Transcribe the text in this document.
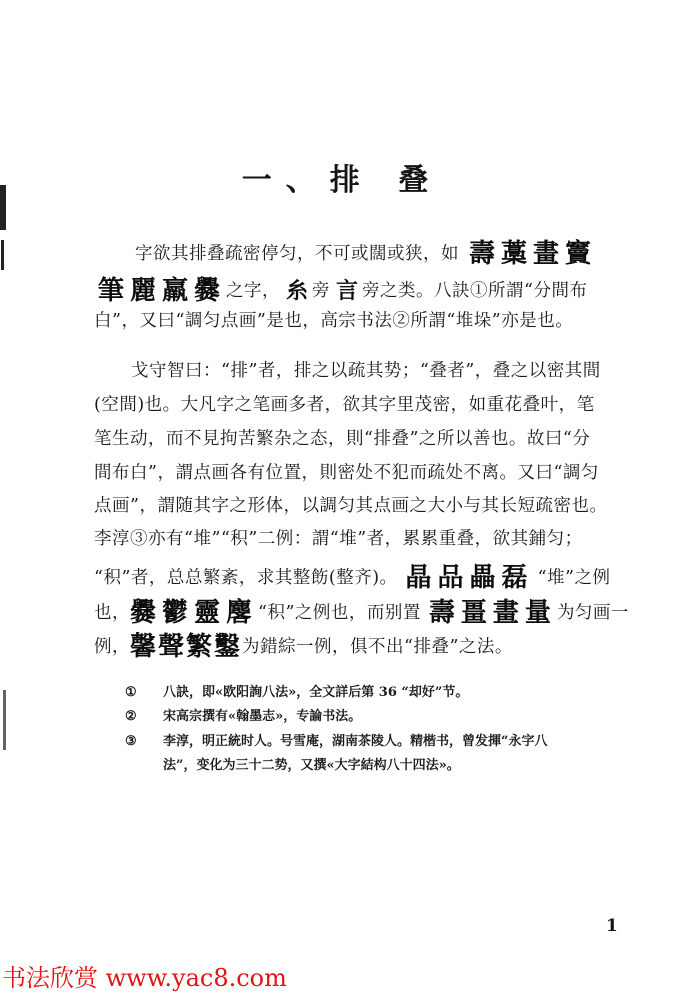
一、排 叠
字欲其排叠疏密停匀，不可或闊或狭，如 壽藁畫竇
筆麗羸爨之字， 糸旁 言旁之类。八訣①所謂“分間布
白”，又曰“調匀点画”是也，高宗书法②所謂“堆垛”亦是也。
戈守智曰：“排”者，排之以疏其势；“叠者”，叠之以密其間
(空間)也。大凡字之笔画多者，欲其字里茂密，如重花叠叶，笔
笔生动，而不見拘苦繁杂之态，則“排叠”之所以善也。故曰“分
間布白”，謂点画各有位置，則密处不犯而疏处不离。又曰“調匀
点画”，謂随其字之形体，以調匀其点画之大小与其长短疏密也。
李淳③亦有“堆”“积”二例：謂“堆”者，累累重叠，欲其鋪匀；
“积”者，总总繁紊，求其整飭(整齐)。 晶品畾磊 “堆”之例
也，爨鬱靈麐“积”之例也，而别置 壽畺畫量为匀画一
例，馨聲繁鑿为錯綜一例，俱不出“排叠”之法。
① 八訣，即«欧阳詢八法»，全文詳后第 36 “却好”节。
② 宋高宗撰有«翰墨志»，专論书法。
③ 李淳，明正統时人。号雪庵，湖南茶陵人。精楷书，曾发揮“永字八
法”，变化为三十二势，又撰«大字結构八十四法»。
1
书法欣赏 www.yac8.com
